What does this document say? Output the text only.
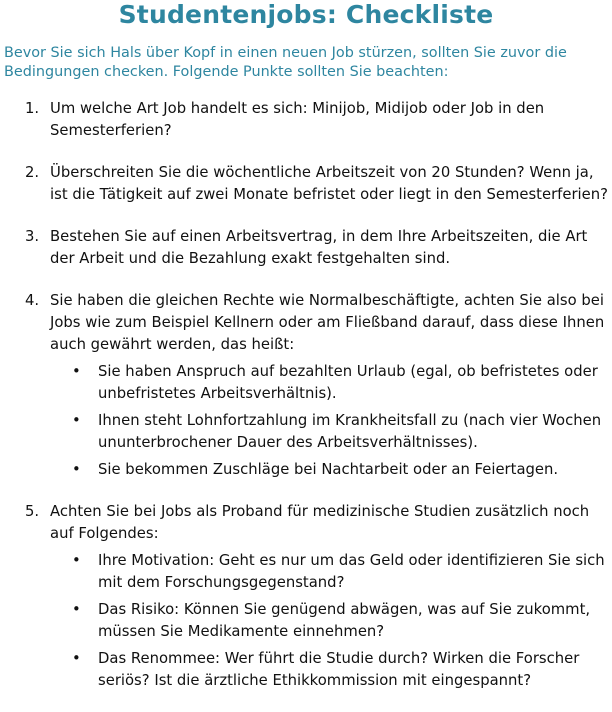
Studentenjobs: Checkliste

Bevor Sie sich Hals über Kopf in einen neuen Job stürzen, sollten Sie zuvor die Bedingungen checken. Folgende Punkte sollten Sie beachten:

1. Um welche Art Job handelt es sich: Minijob, Midijob oder Job in den Semesterferien?
2. Überschreiten Sie die wöchentliche Arbeitszeit von 20 Stunden? Wenn ja, ist die Tätigkeit auf zwei Monate befristet oder liegt in den Semesterferien?
3. Bestehen Sie auf einen Arbeitsvertrag, in dem Ihre Arbeitszeiten, die Art der Arbeit und die Bezahlung exakt festgehalten sind.
4. Sie haben die gleichen Rechte wie Normalbeschäftigte, achten Sie also bei Jobs wie zum Beispiel Kellnern oder am Fließband darauf, dass diese Ihnen auch gewährt werden, das heißt:
• Sie haben Anspruch auf bezahlten Urlaub (egal, ob befristetes oder unbefristetes Arbeitsverhältnis).
• Ihnen steht Lohnfortzahlung im Krankheitsfall zu (nach vier Wochen ununterbrochener Dauer des Arbeitsverhältnisses).
• Sie bekommen Zuschläge bei Nachtarbeit oder an Feiertagen.
5. Achten Sie bei Jobs als Proband für medizinische Studien zusätzlich noch auf Folgendes:
• Ihre Motivation: Geht es nur um das Geld oder identifizieren Sie sich mit dem Forschungsgegenstand?
• Das Risiko: Können Sie genügend abwägen, was auf Sie zukommt, müssen Sie Medikamente einnehmen?
• Das Renommee: Wer führt die Studie durch? Wirken die Forscher seriös? Ist die ärztliche Ethikkommission mit eingespannt?
